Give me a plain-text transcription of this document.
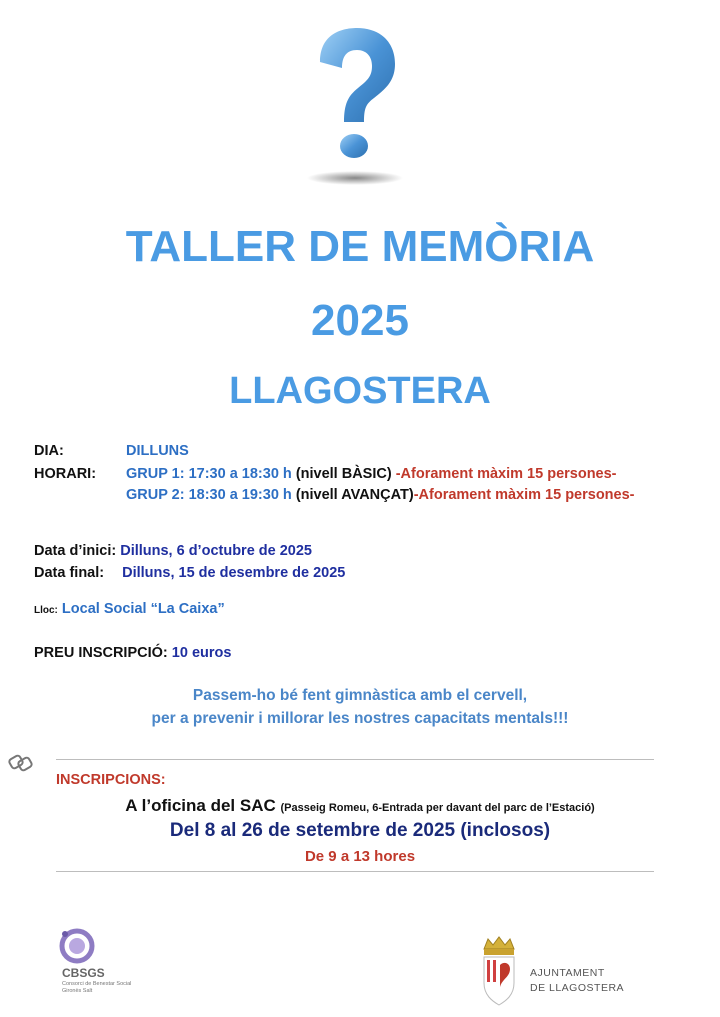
TALLER DE MEMÒRIA
2025
LLAGOSTERA
DIA:	DILLUNS
HORARI: GRUP 1: 17:30 a 18:30 h (nivell BÀSIC) -Aforament màxim 15 persones-
GRUP 2: 18:30 a 19:30 h (nivell AVANÇAT)-Aforament màxim 15 persones-
Data d’inici: Dilluns, 6 d’octubre de 2025
Data final: Dilluns, 15 de desembre de 2025
Lloc: Local Social “La Caixa”
PREU INSCRIPCIÓ: 10 euros
Passem-ho bé fent gimnàstica amb el cervell,
per a prevenir i millorar les nostres capacitats mentals!!!
INSCRIPCIONS:
A l’oficina del SAC (Passeig Romeu, 6-Entrada per davant del parc de l’Estació)
Del 8 al 26 de setembre de 2025 (inclosos)
De 9 a 13 hores
CBSGS
Consorci de Benestar Social Gironès Salt
AJUNTAMENT
DE LLAGOSTERA
